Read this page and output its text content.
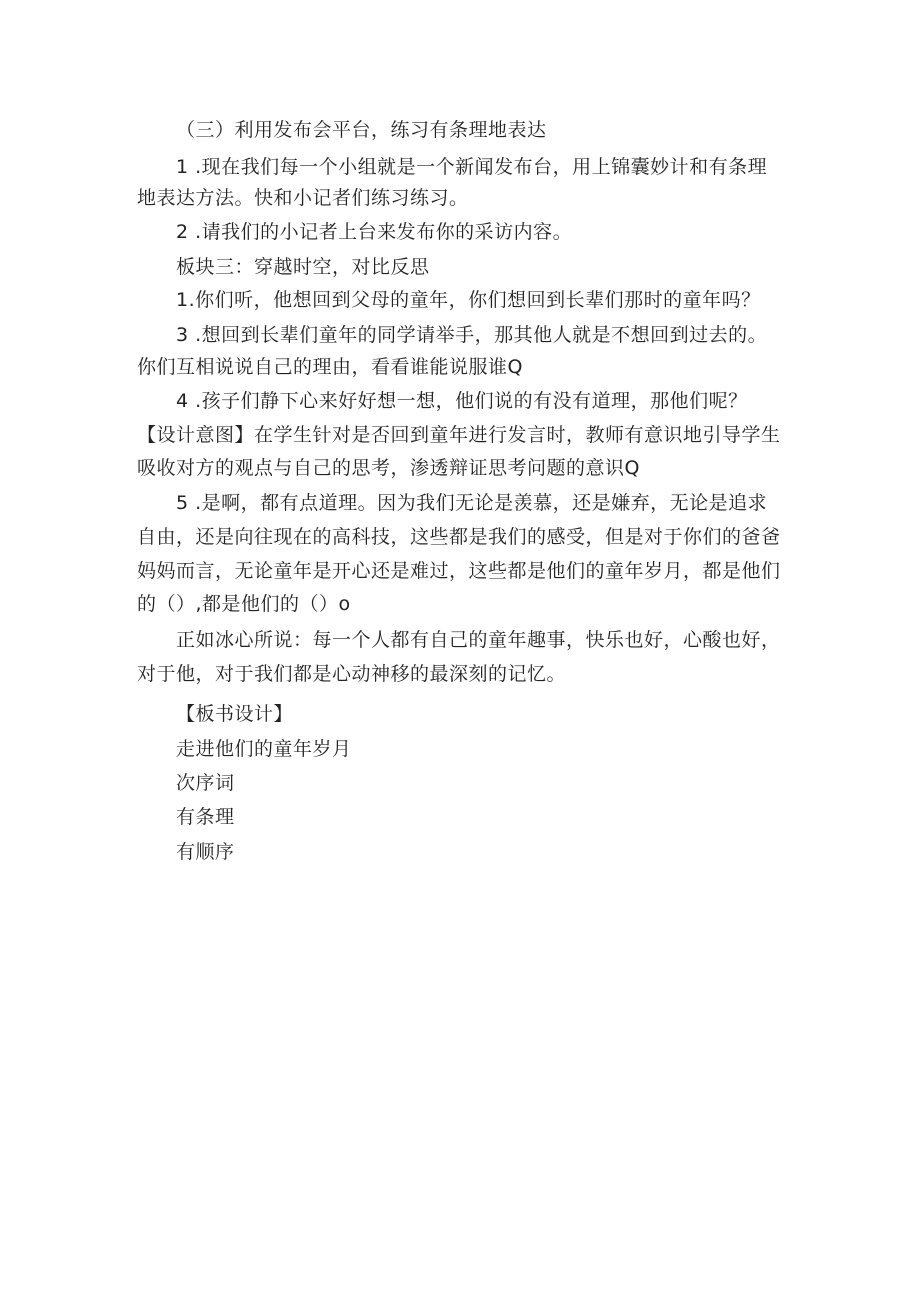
（三）利用发布会平台，练习有条理地表达
1 .现在我们每一个小组就是一个新闻发布台，用上锦囊妙计和有条理
地表达方法。快和小记者们练习练习。
2 .请我们的小记者上台来发布你的采访内容。
板块三：穿越时空，对比反思
1.你们听，他想回到父母的童年，你们想回到长辈们那时的童年吗？
3 .想回到长辈们童年的同学请举手，那其他人就是不想回到过去的。
你们互相说说自己的理由，看看谁能说服谁Q
4 .孩子们静下心来好好想一想，他们说的有没有道理，那他们呢？
【设计意图】在学生针对是否回到童年进行发言时，教师有意识地引导学生
吸收对方的观点与自己的思考，渗透辩证思考问题的意识Q
5 .是啊，都有点道理。因为我们无论是羡慕，还是嫌弃，无论是追求
自由，还是向往现在的高科技，这些都是我们的感受，但是对于你们的爸爸
妈妈而言，无论童年是开心还是难过，这些都是他们的童年岁月，都是他们
的（）,都是他们的（）o
正如冰心所说：每一个人都有自己的童年趣事，快乐也好，心酸也好，
对于他，对于我们都是心动神移的最深刻的记忆。
【板书设计】
走进他们的童年岁月
次序词
有条理
有顺序
